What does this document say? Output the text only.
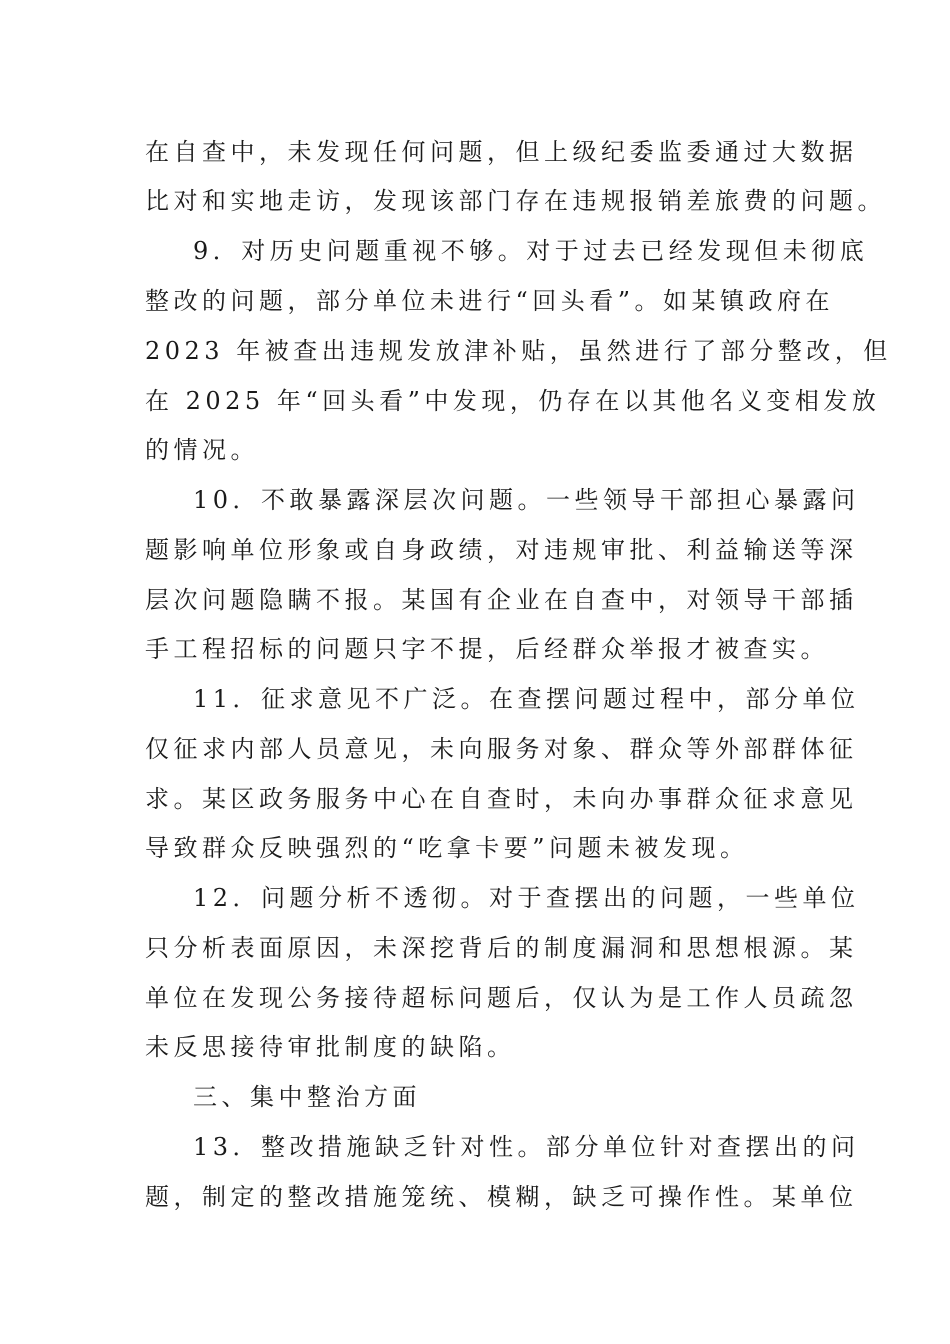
在自查中，未发现任何问题，但上级纪委监委通过大数据
比对和实地走访，发现该部门存在违规报销差旅费的问题。
9．对历史问题重视不够。对于过去已经发现但未彻底
整改的问题，部分单位未进行“回头看”。如某镇政府在
2023 年被查出违规发放津补贴，虽然进行了部分整改，但
在 2025 年“回头看”中发现，仍存在以其他名义变相发放
的情况。
10．不敢暴露深层次问题。一些领导干部担心暴露问
题影响单位形象或自身政绩，对违规审批、利益输送等深
层次问题隐瞒不报。某国有企业在自查中，对领导干部插
手工程招标的问题只字不提，后经群众举报才被查实。
11．征求意见不广泛。在查摆问题过程中，部分单位
仅征求内部人员意见，未向服务对象、群众等外部群体征
求。某区政务服务中心在自查时，未向办事群众征求意见
导致群众反映强烈的“吃拿卡要”问题未被发现。
12．问题分析不透彻。对于查摆出的问题，一些单位
只分析表面原因，未深挖背后的制度漏洞和思想根源。某
单位在发现公务接待超标问题后，仅认为是工作人员疏忽
未反思接待审批制度的缺陷。
三、集中整治方面
13．整改措施缺乏针对性。部分单位针对查摆出的问
题，制定的整改措施笼统、模糊，缺乏可操作性。某单位
